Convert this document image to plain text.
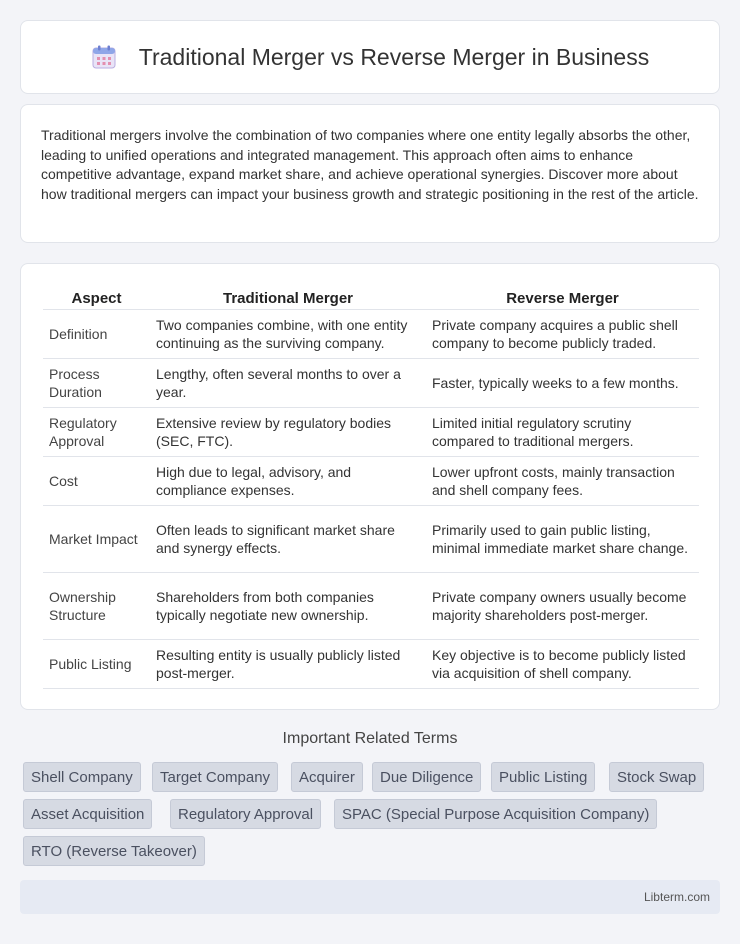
Traditional Merger vs Reverse Merger in Business

Traditional mergers involve the combination of two companies where one entity legally absorbs the other, leading to unified operations and integrated management. This approach often aims to enhance competitive advantage, expand market share, and achieve operational synergies. Discover more about how traditional mergers can impact your business growth and strategic positioning in the rest of the article.

Aspect	Traditional Merger	Reverse Merger
Definition	Two companies combine, with one entity continuing as the surviving company.	Private company acquires a public shell company to become publicly traded.
Process Duration	Lengthy, often several months to over a year.	Faster, typically weeks to a few months.
Regulatory Approval	Extensive review by regulatory bodies (SEC, FTC).	Limited initial regulatory scrutiny compared to traditional mergers.
Cost	High due to legal, advisory, and compliance expenses.	Lower upfront costs, mainly transaction and shell company fees.
Market Impact	Often leads to significant market share and synergy effects.	Primarily used to gain public listing, minimal immediate market share change.
Ownership Structure	Shareholders from both companies typically negotiate new ownership.	Private company owners usually become majority shareholders post-merger.
Public Listing	Resulting entity is usually publicly listed post-merger.	Key objective is to become publicly listed via acquisition of shell company.
Important Related Terms
Shell Company	Target Company	Acquirer	Due Diligence	Public Listing	Stock Swap
Asset Acquisition	Regulatory Approval	SPAC (Special Purpose Acquisition Company)
RTO (Reverse Takeover)
Libterm.com
